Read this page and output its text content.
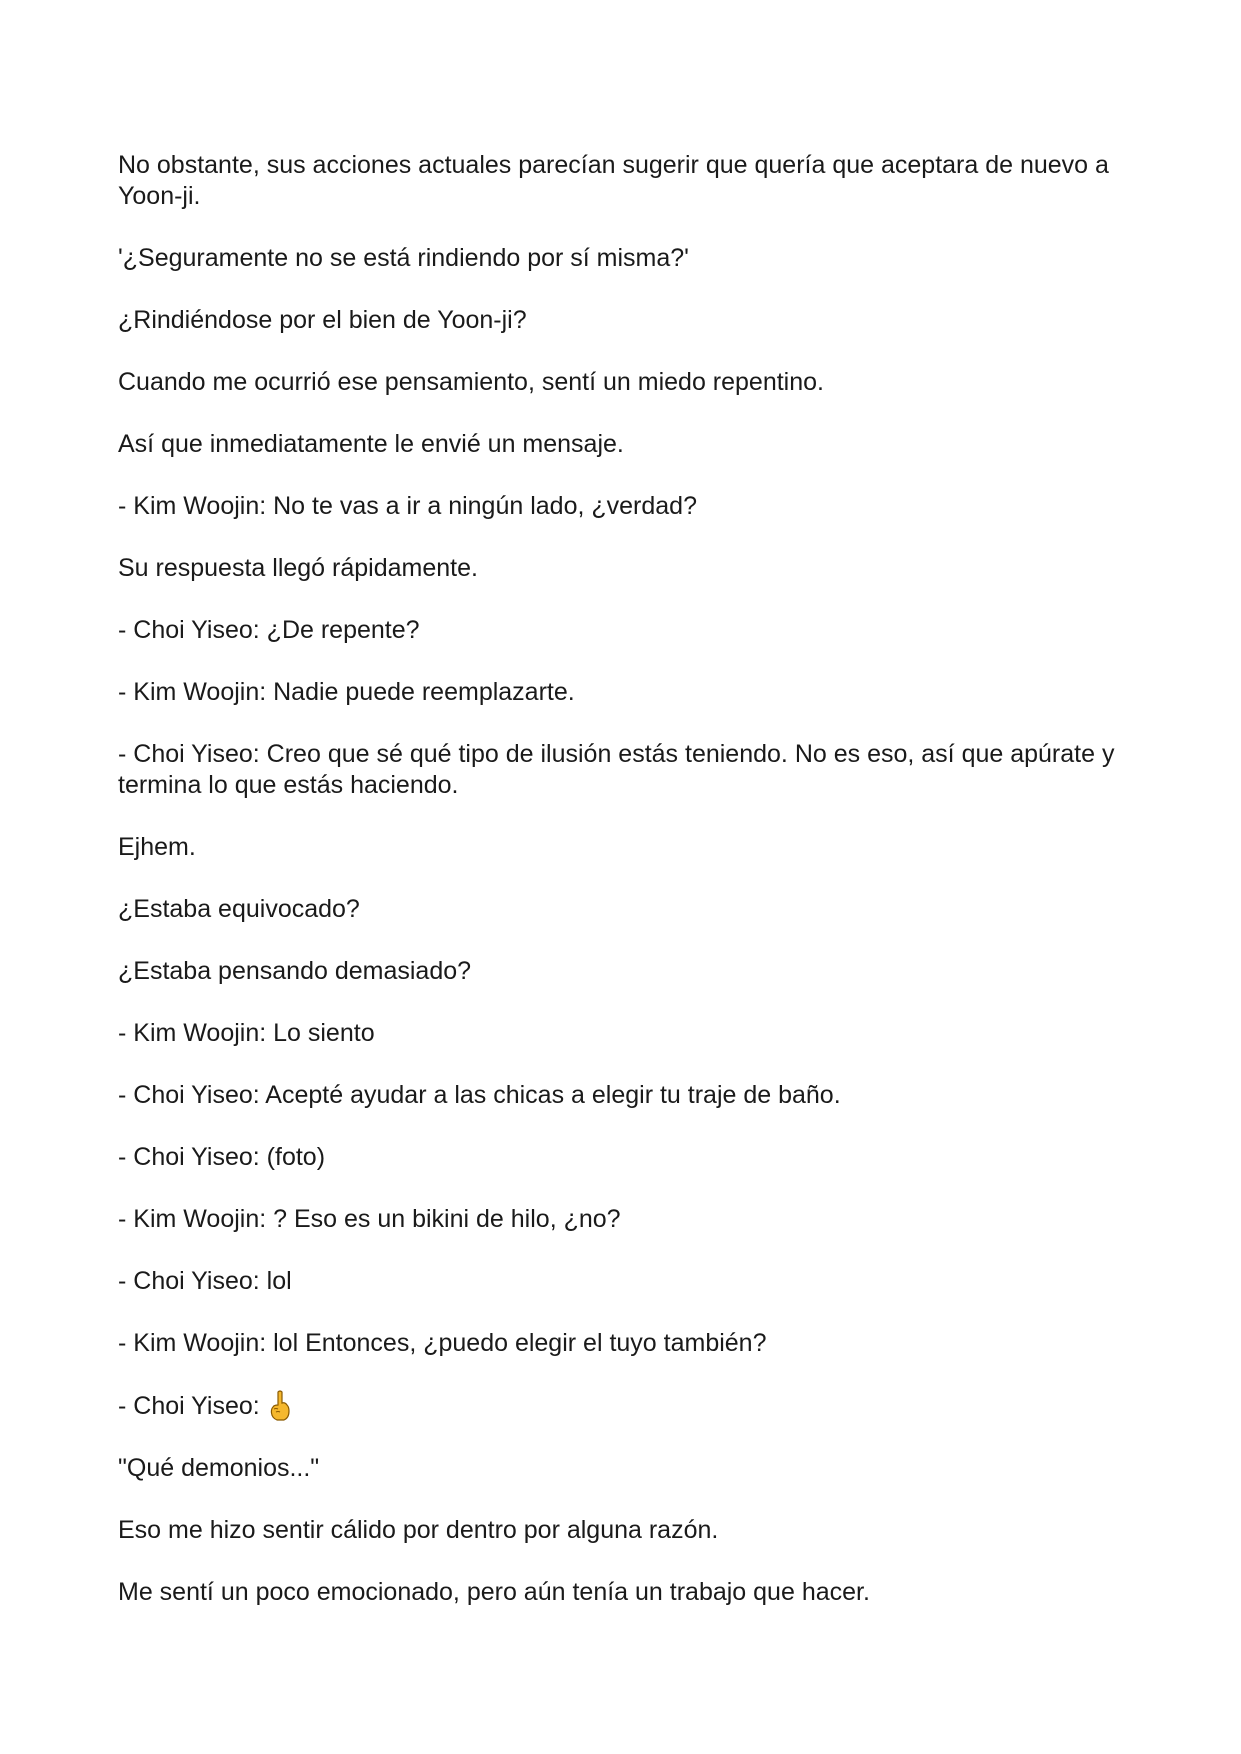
No obstante, sus acciones actuales parecían sugerir que quería que aceptara de nuevo a Yoon-ji.

'¿Seguramente no se está rindiendo por sí misma?'

¿Rindiéndose por el bien de Yoon-ji?

Cuando me ocurrió ese pensamiento, sentí un miedo repentino.

Así que inmediatamente le envié un mensaje.

- Kim Woojin: No te vas a ir a ningún lado, ¿verdad?

Su respuesta llegó rápidamente.

- Choi Yiseo: ¿De repente?

- Kim Woojin: Nadie puede reemplazarte.

- Choi Yiseo: Creo que sé qué tipo de ilusión estás teniendo. No es eso, así que apúrate y termina lo que estás haciendo.

Ejhem.

¿Estaba equivocado?

¿Estaba pensando demasiado?

- Kim Woojin: Lo siento

- Choi Yiseo: Acepté ayudar a las chicas a elegir tu traje de baño.

- Choi Yiseo: (foto)

- Kim Woojin: ? Eso es un bikini de hilo, ¿no?

- Choi Yiseo: lol

- Kim Woojin: lol Entonces, ¿puedo elegir el tuyo también?

- Choi Yiseo:

"Qué demonios..."

Eso me hizo sentir cálido por dentro por alguna razón.

Me sentí un poco emocionado, pero aún tenía un trabajo que hacer.
